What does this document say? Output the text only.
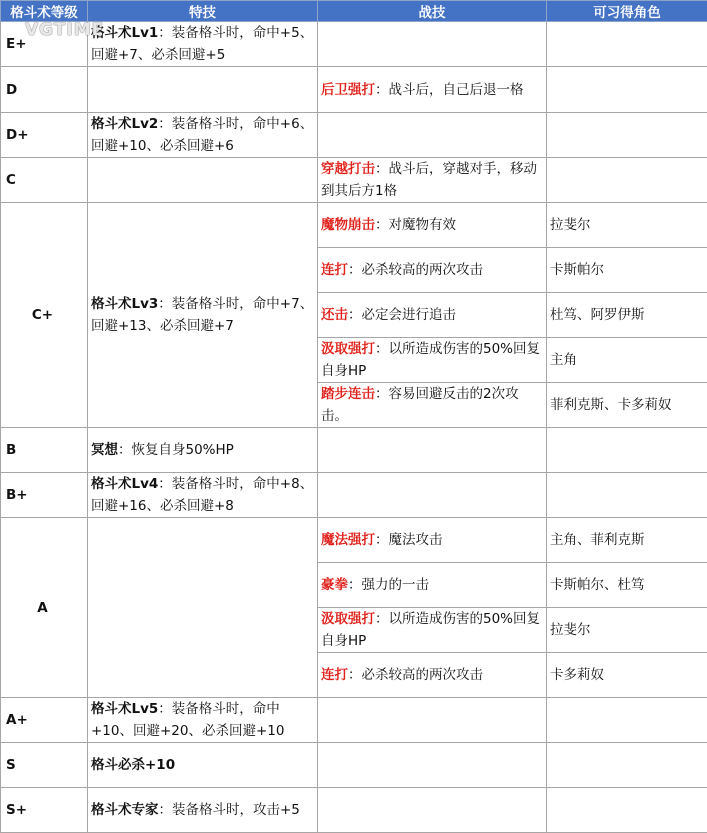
格斗术等级	特技	战技	可习得角色
E+	格斗术Lv1：装备格斗时，命中+5、回避+7、必杀回避+5		
D		后卫强打：战斗后，自己后退一格	
D+	格斗术Lv2：装备格斗时，命中+6、回避+10、必杀回避+6		
C		穿越打击：战斗后，穿越对手，移动到其后方1格	
C+	格斗术Lv3：装备格斗时，命中+7、回避+13、必杀回避+7	魔物崩击：对魔物有效	拉斐尔
		连打：必杀较高的两次攻击	卡斯帕尔
		还击：必定会进行追击	杜笃、阿罗伊斯
		汲取强打：以所造成伤害的50%回复自身HP	主角
		踏步连击：容易回避反击的2次攻击。	菲利克斯、卡多莉奴
B	冥想：恢复自身50%HP		
B+	格斗术Lv4：装备格斗时，命中+8、回避+16、必杀回避+8		
A		魔法强打：魔法攻击	主角、菲利克斯
		豪拳：强力的一击	卡斯帕尔、杜笃
		汲取强打：以所造成伤害的50%回复自身HP	拉斐尔
		连打：必杀较高的两次攻击	卡多莉奴
A+	格斗术Lv5：装备格斗时，命中+10、回避+20、必杀回避+10		
S	格斗必杀+10		
S+	格斗术专家：装备格斗时，攻击+5		
VGTIME
